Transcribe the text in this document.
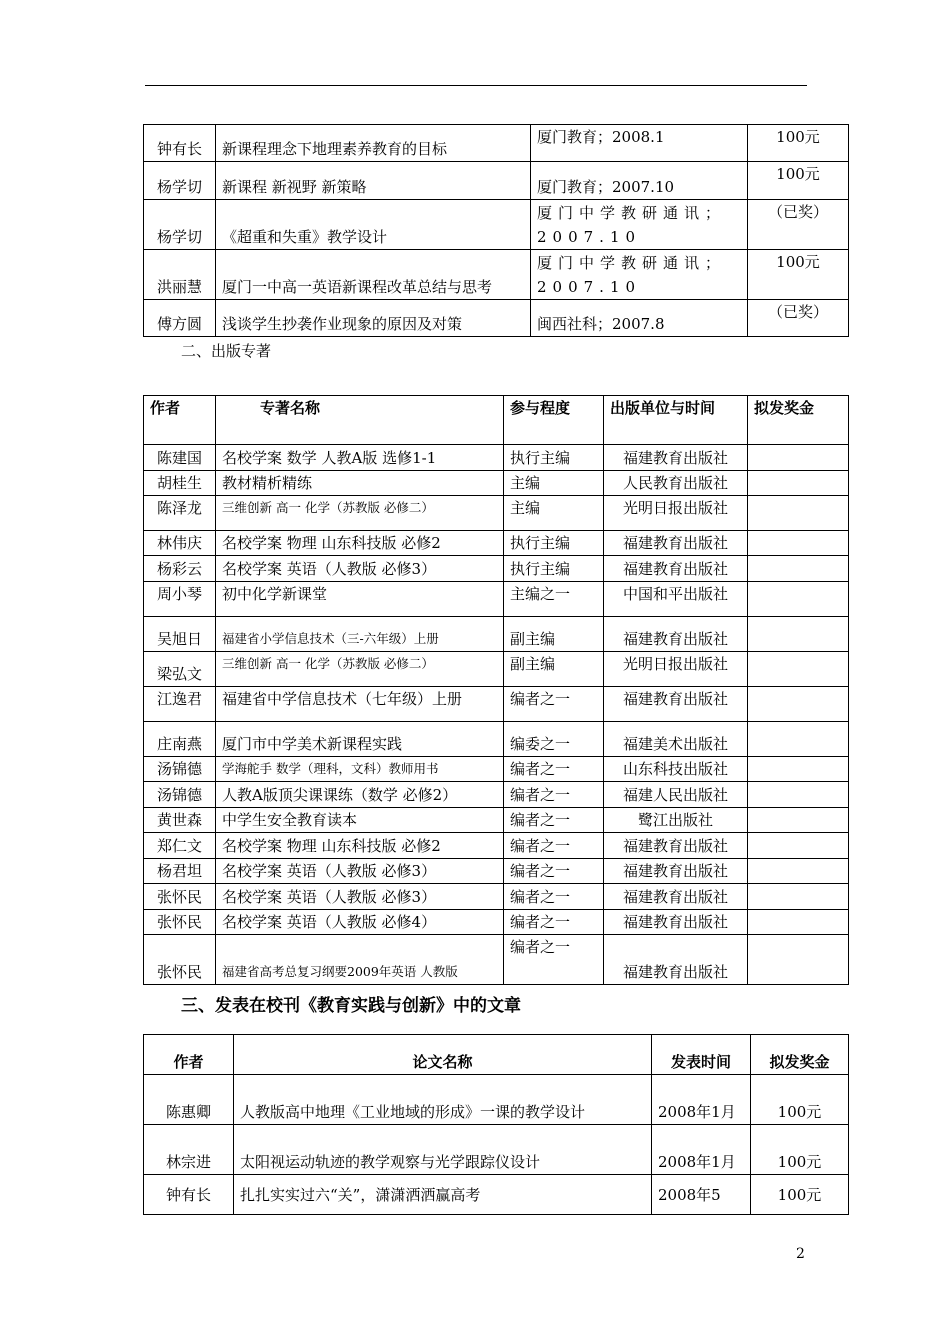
钟有长	新课程理念下地理素养教育的目标	厦门教育；2008.1	100元
杨学切	新课程 新视野 新策略	厦门教育；2007.10	100元
杨学切	《超重和失重》教学设计	厦门中学教研通讯；2007.10	（已奖）
洪丽慧	厦门一中高一英语新课程改革总结与思考	厦门中学教研通讯；2007.10	100元
傅方圆	浅谈学生抄袭作业现象的原因及对策	闽西社科；2007.8	（已奖）
二、出版专著
作者	专著名称	参与程度	出版单位与时间	拟发奖金
陈建国	名校学案 数学 人教A版 选修1-1	执行主编	福建教育出版社	
胡桂生	教材精析精练	主编	人民教育出版社	
陈泽龙	三维创新 高一 化学（苏教版 必修二）	主编	光明日报出版社	
林伟庆	名校学案 物理 山东科技版 必修2	执行主编	福建教育出版社	
杨彩云	名校学案 英语（人教版 必修3）	执行主编	福建教育出版社	
周小琴	初中化学新课堂	主编之一	中国和平出版社	
吴旭日	福建省小学信息技术（三-六年级）上册	副主编	福建教育出版社	
梁弘文	三维创新 高一 化学（苏教版 必修二）	副主编	光明日报出版社	
江逸君	福建省中学信息技术（七年级）上册	编者之一	福建教育出版社	
庄南燕	厦门市中学美术新课程实践	编委之一	福建美术出版社	
汤锦德	学海舵手 数学（理科，文科）教师用书	编者之一	山东科技出版社	
汤锦德	人教A版顶尖课课练（数学 必修2）	编者之一	福建人民出版社	
黄世森	中学生安全教育读本	编者之一	鹭江出版社	
郑仁文	名校学案 物理 山东科技版 必修2	编者之一	福建教育出版社	
杨君坦	名校学案 英语（人教版 必修3）	编者之一	福建教育出版社	
张怀民	名校学案 英语（人教版 必修3）	编者之一	福建教育出版社	
张怀民	名校学案 英语（人教版 必修4）	编者之一	福建教育出版社	
张怀民	福建省高考总复习纲要2009年英语 人教版	编者之一	福建教育出版社	
三、发表在校刊《教育实践与创新》中的文章
作者	论文名称	发表时间	拟发奖金
陈惠卿	人教版高中地理《工业地域的形成》一课的教学设计	2008年1月	100元
林宗进	太阳视运动轨迹的教学观察与光学跟踪仪设计	2008年1月	100元
钟有长	扎扎实实过六“关”，潇潇洒洒赢高考	2008年5	100元
2
